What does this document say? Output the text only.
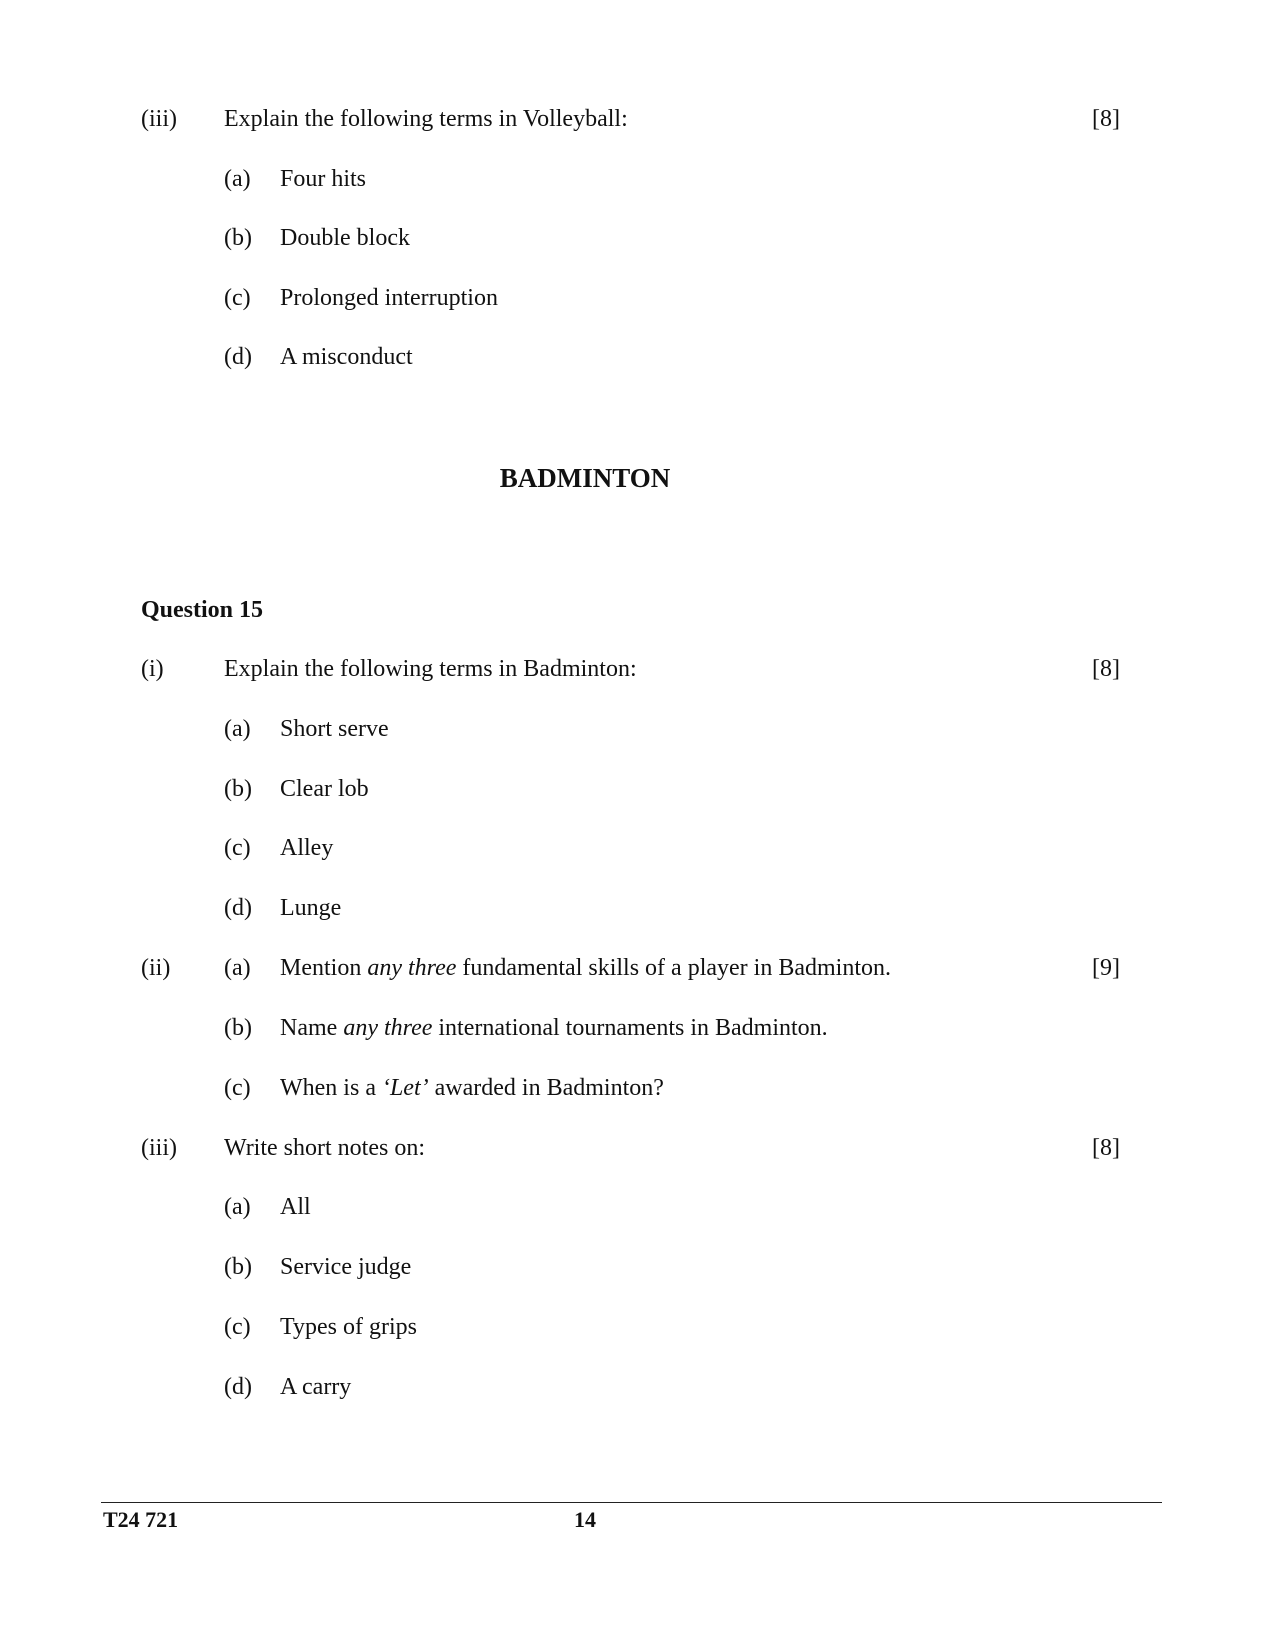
(iii) Explain the following terms in Volleyball:	[8]
(a) Four hits
(b) Double block
(c) Prolonged interruption
(d) A misconduct
BADMINTON
Question 15
(i)	Explain the following terms in Badminton:	[8]
(a) Short serve
(b) Clear lob
(c) Alley
(d) Lunge
(ii) (a) Mention any three fundamental skills of a player in Badminton.	[9]
(b) Name any three international tournaments in Badminton.
(c) When is a ‘Let’ awarded in Badminton?
(iii) Write short notes on:	[8]
(a) All
(b) Service judge
(c) Types of grips
(d) A carry
T24 721	14
